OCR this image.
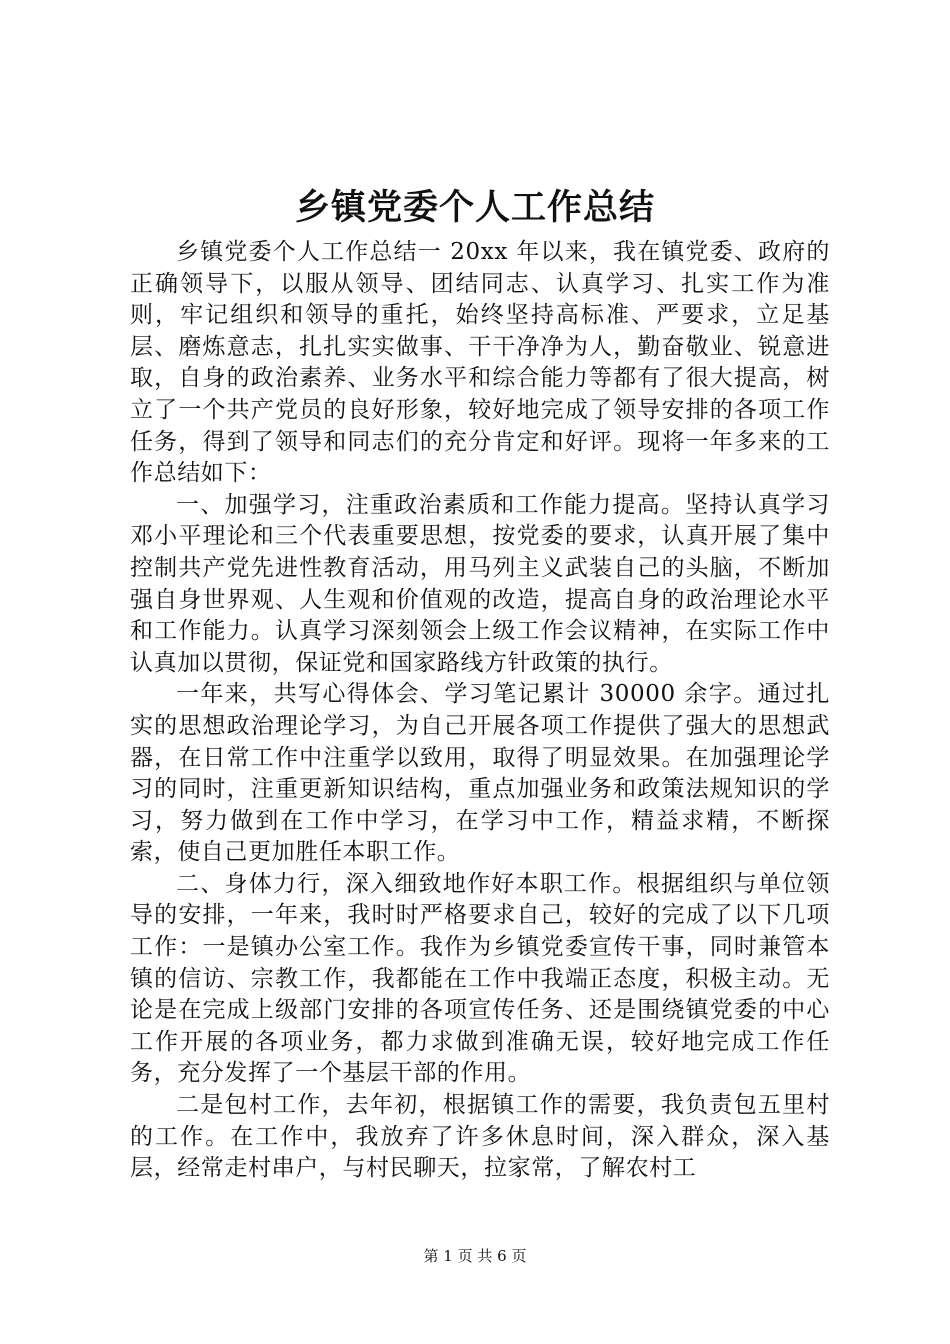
乡镇党委个人工作总结

乡镇党委个人工作总结一 20xx 年以来，我在镇党委、政府的正确领导下，以服从领导、团结同志、认真学习、扎实工作为准则，牢记组织和领导的重托，始终坚持高标准、严要求，立足基层、磨炼意志，扎扎实实做事、干干净净为人，勤奋敬业、锐意进取，自身的政治素养、业务水平和综合能力等都有了很大提高，树立了一个共产党员的良好形象，较好地完成了领导安排的各项工作任务，得到了领导和同志们的充分肯定和好评。现将一年多来的工作总结如下：

一、加强学习，注重政治素质和工作能力提高。坚持认真学习邓小平理论和三个代表重要思想，按党委的要求，认真开展了集中控制共产党先进性教育活动，用马列主义武装自己的头脑，不断加强自身世界观、人生观和价值观的改造，提高自身的政治理论水平和工作能力。认真学习深刻领会上级工作会议精神，在实际工作中认真加以贯彻，保证党和国家路线方针政策的执行。

一年来，共写心得体会、学习笔记累计 30000 余字。通过扎实的思想政治理论学习，为自己开展各项工作提供了强大的思想武器，在日常工作中注重学以致用，取得了明显效果。在加强理论学习的同时，注重更新知识结构，重点加强业务和政策法规知识的学习，努力做到在工作中学习，在学习中工作，精益求精，不断探索，使自己更加胜任本职工作。

二、身体力行，深入细致地作好本职工作。根据组织与单位领导的安排，一年来，我时时严格要求自己，较好的完成了以下几项工作：一是镇办公室工作。我作为乡镇党委宣传干事，同时兼管本镇的信访、宗教工作，我都能在工作中我端正态度，积极主动。无论是在完成上级部门安排的各项宣传任务、还是围绕镇党委的中心工作开展的各项业务，都力求做到准确无误，较好地完成工作任务，充分发挥了一个基层干部的作用。

二是包村工作，去年初，根据镇工作的需要，我负责包五里村的工作。在工作中，我放弃了许多休息时间，深入群众，深入基层，经常走村串户，与村民聊天，拉家常，了解农村工

第 1 页 共 6 页
